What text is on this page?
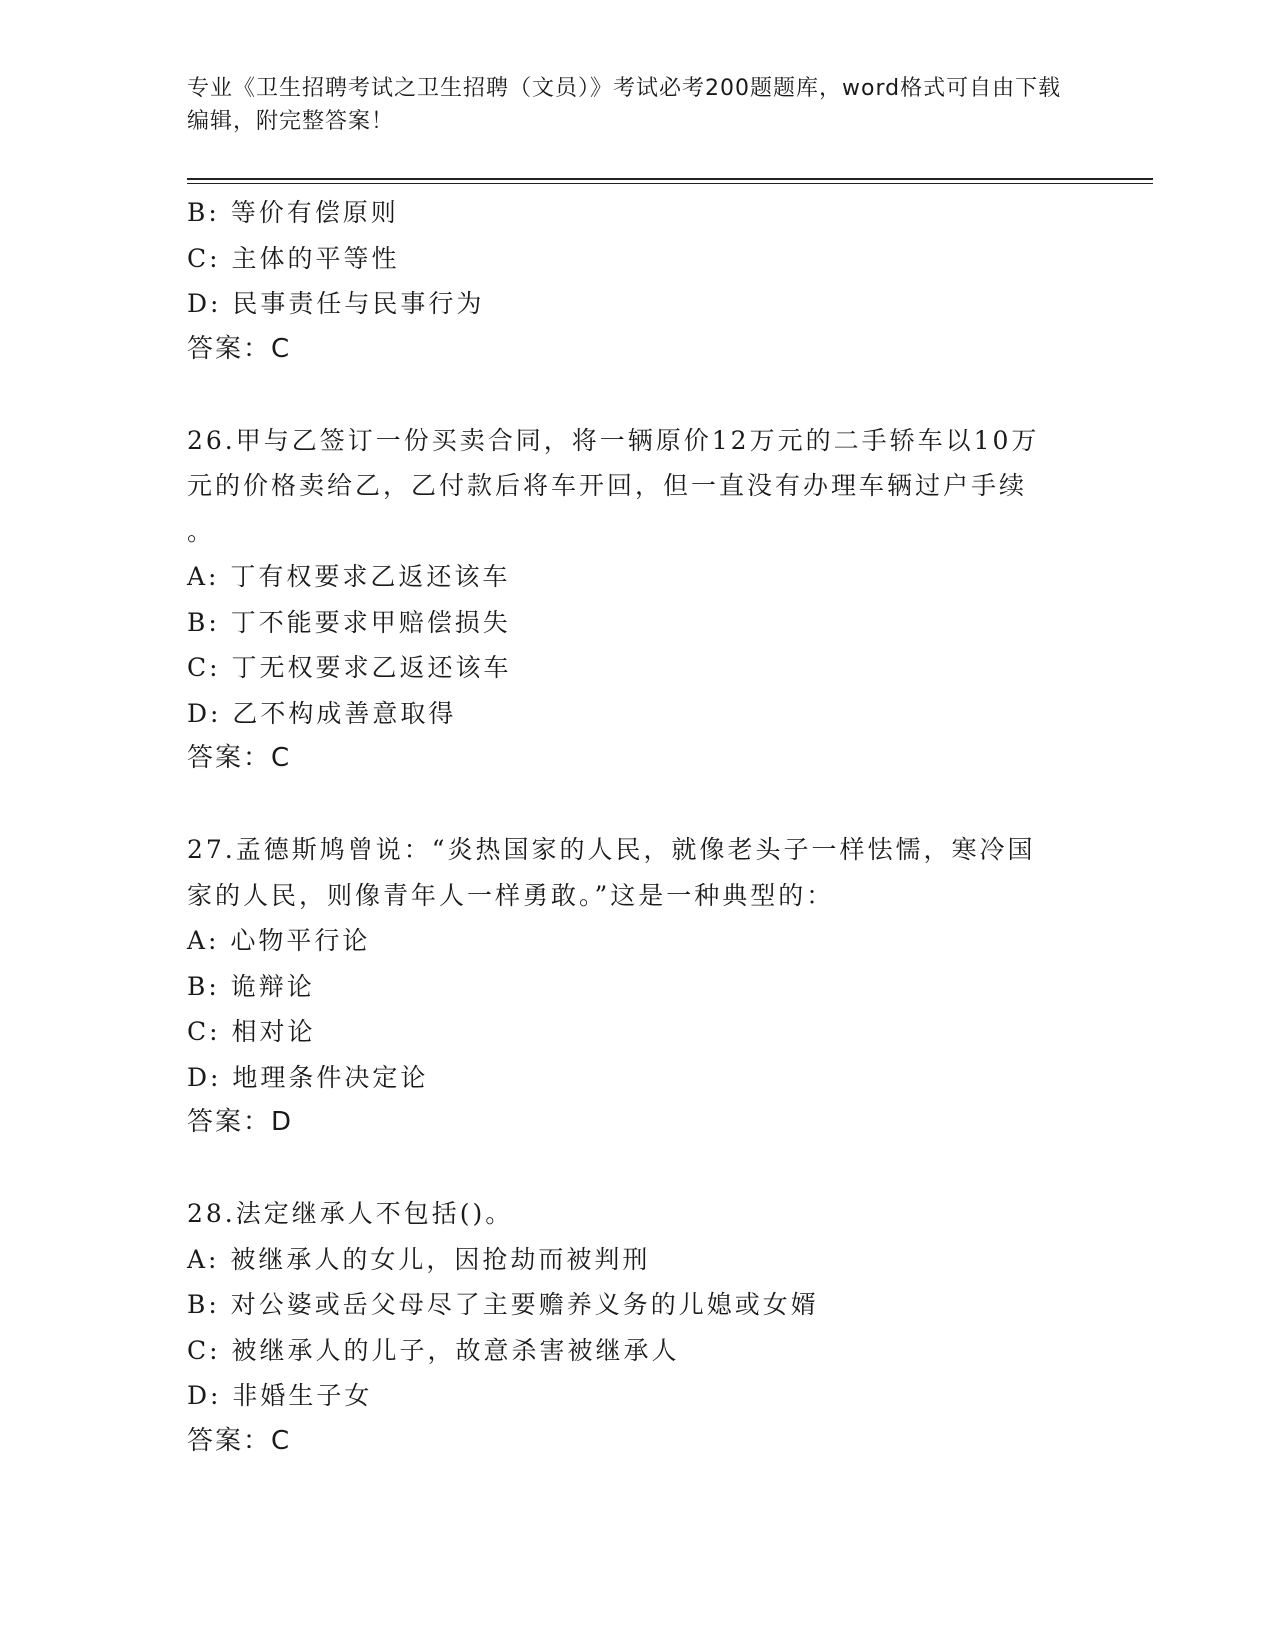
专业《卫生招聘考试之卫生招聘（文员）》考试必考200题题库，word格式可自由下载编辑，附完整答案！
B: 等价有偿原则
C: 主体的平等性
D: 民事责任与民事行为
答案：C
26.甲与乙签订一份买卖合同，将一辆原价12万元的二手轿车以10万
元的价格卖给乙，乙付款后将车开回，但一直没有办理车辆过户手续
。
A: 丁有权要求乙返还该车
B: 丁不能要求甲赔偿损失
C: 丁无权要求乙返还该车
D: 乙不构成善意取得
答案：C
27.孟德斯鸠曾说：“炎热国家的人民，就像老头子一样怯懦，寒冷国
家的人民，则像青年人一样勇敢。”这是一种典型的：
A: 心物平行论
B: 诡辩论
C: 相对论
D: 地理条件决定论
答案：D
28.法定继承人不包括()。
A: 被继承人的女儿，因抢劫而被判刑
B: 对公婆或岳父母尽了主要赡养义务的儿媳或女婿
C: 被继承人的儿子，故意杀害被继承人
D: 非婚生子女
答案：C
